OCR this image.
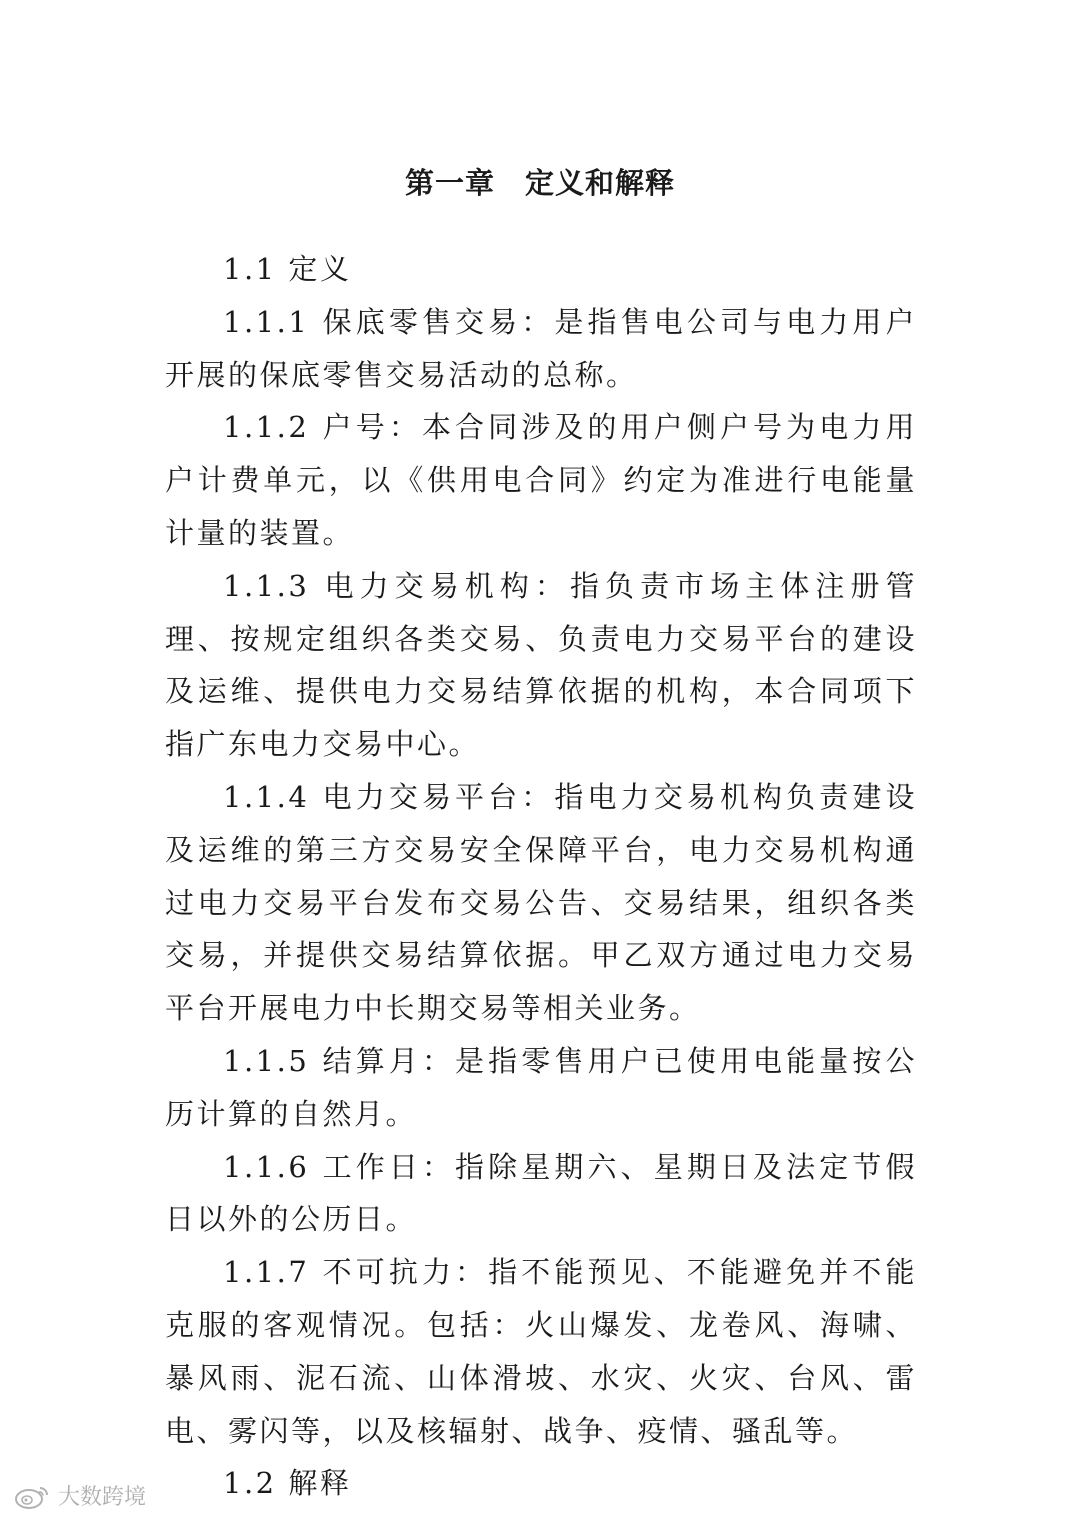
第一章 定义和解释

1.1 定义

1.1.1 保底零售交易：是指售电公司与电力用户开展的保底零售交易活动的总称。

1.1.2 户号：本合同涉及的用户侧户号为电力用户计费单元，以《供用电合同》约定为准进行电能量计量的装置。

1.1.3 电力交易机构：指负责市场主体注册管理、按规定组织各类交易、负责电力交易平台的建设及运维、提供电力交易结算依据的机构，本合同项下指广东电力交易中心。

1.1.4 电力交易平台：指电力交易机构负责建设及运维的第三方交易安全保障平台，电力交易机构通过电力交易平台发布交易公告、交易结果，组织各类交易，并提供交易结算依据。甲乙双方通过电力交易平台开展电力中长期交易等相关业务。

1.1.5 结算月：是指零售用户已使用电能量按公历计算的自然月。

1.1.6 工作日：指除星期六、星期日及法定节假日以外的公历日。

1.1.7 不可抗力：指不能预见、不能避免并不能克服的客观情况。包括：火山爆发、龙卷风、海啸、暴风雨、泥石流、山体滑坡、水灾、火灾、台风、雷电、雾闪等，以及核辐射、战争、疫情、骚乱等。

1.2 解释

大数跨境
